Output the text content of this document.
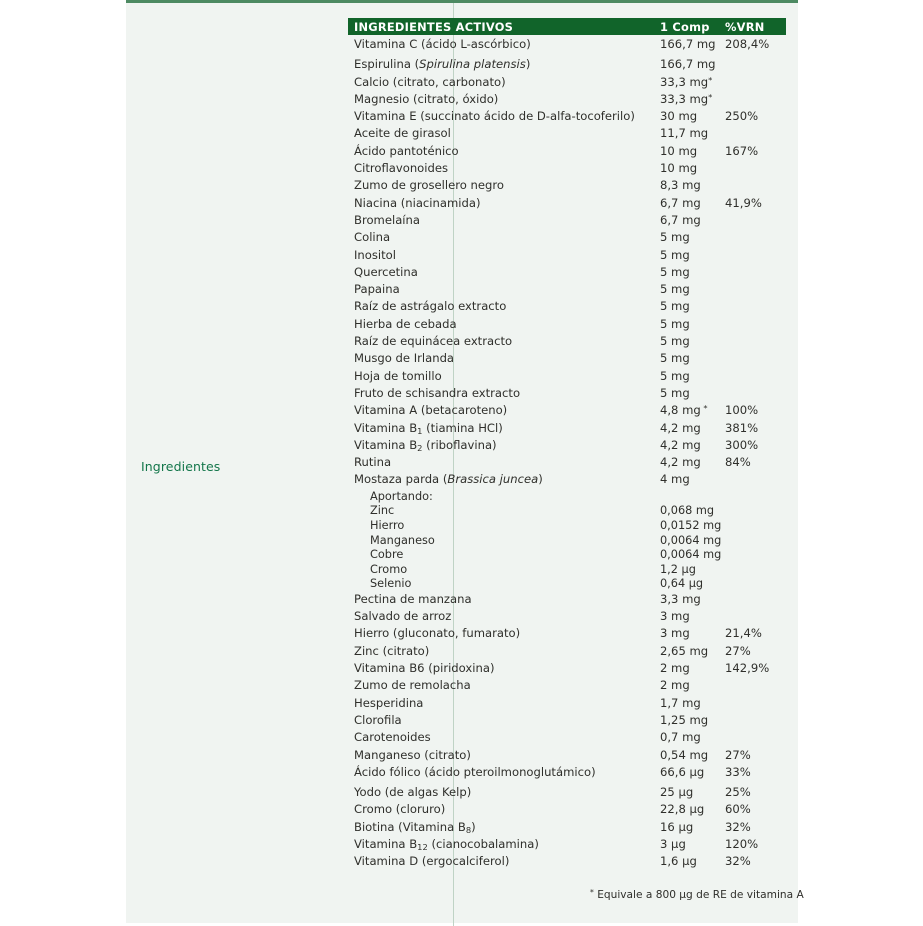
Ingredientes
INGREDIENTES ACTIVOS	1 Comp %VRN
Vitamina C (ácido L-ascórbico)	166,7 mg 208,4%
Espirulina (Spirulina platensis)	166,7 mg
Calcio (citrato, carbonato)	33,3 mg*
Magnesio (citrato, óxido)	33,3 mg*
Vitamina E (succinato ácido de D-alfa-tocoferilo) 30 mg 250%
Aceite de girasol	11,7 mg
Ácido pantoténico	10 mg 167%
Citroflavonoides	10 mg
Zumo de grosellero negro	8,3 mg
Niacina (niacinamida)	6,7 mg 41,9%
Bromelaína	6,7 mg
Colina	5 mg
Inositol	5 mg
Quercetina	5 mg
Papaina	5 mg
Raíz de astrágalo extracto	5 mg
Hierba de cebada	5 mg
Raíz de equinácea extracto	5 mg
Musgo de Irlanda	5 mg
Hoja de tomillo	5 mg
Fruto de schisandra extracto	5 mg
Vitamina A (betacaroteno)	4,8 mg * 100%
Vitamina $B_1$ (tiamina HCl)	4,2 mg 381%
Vitamina $B_2$ (riboflavina)	4,2 mg 300%
Rutina	4,2 mg 84%
Mostaza parda (Brassica juncea)	4 mg
Aportando:
Zinc	0,068 mg
Hierro	0,0152 mg
Manganeso	0,0064 mg
Cobre	0,0064 mg
Cromo	1,2 µg
Selenio	0,64 µg
Pectina de manzana	3,3 mg
Salvado de arroz	3 mg
Hierro (gluconato, fumarato)	3 mg	21,4%
Zinc (citrato)	2,65 mg 27%
Vitamina B6 (piridoxina)	2 mg	142,9%
Zumo de remolacha	2 mg
Hesperidina	1,7 mg
Clorofila	1,25 mg
Carotenoides	0,7 mg
Manganeso (citrato)	0,54 mg 27%
Ácido fólico (ácido pteroilmonoglutámico)	66,6 µg 33%
Yodo (de algas Kelp)	25 µg	25%
Cromo (cloruro)	22,8 µg 60%
Biotina (Vitamina $B_8$)	16 µg	32%
Vitamina $B_{12}$ (cianocobalamina)	3 µg	120%
Vitamina D (ergocalciferol)	1,6 µg 32%
* Equivale a 800 µg de RE de vitamina A
